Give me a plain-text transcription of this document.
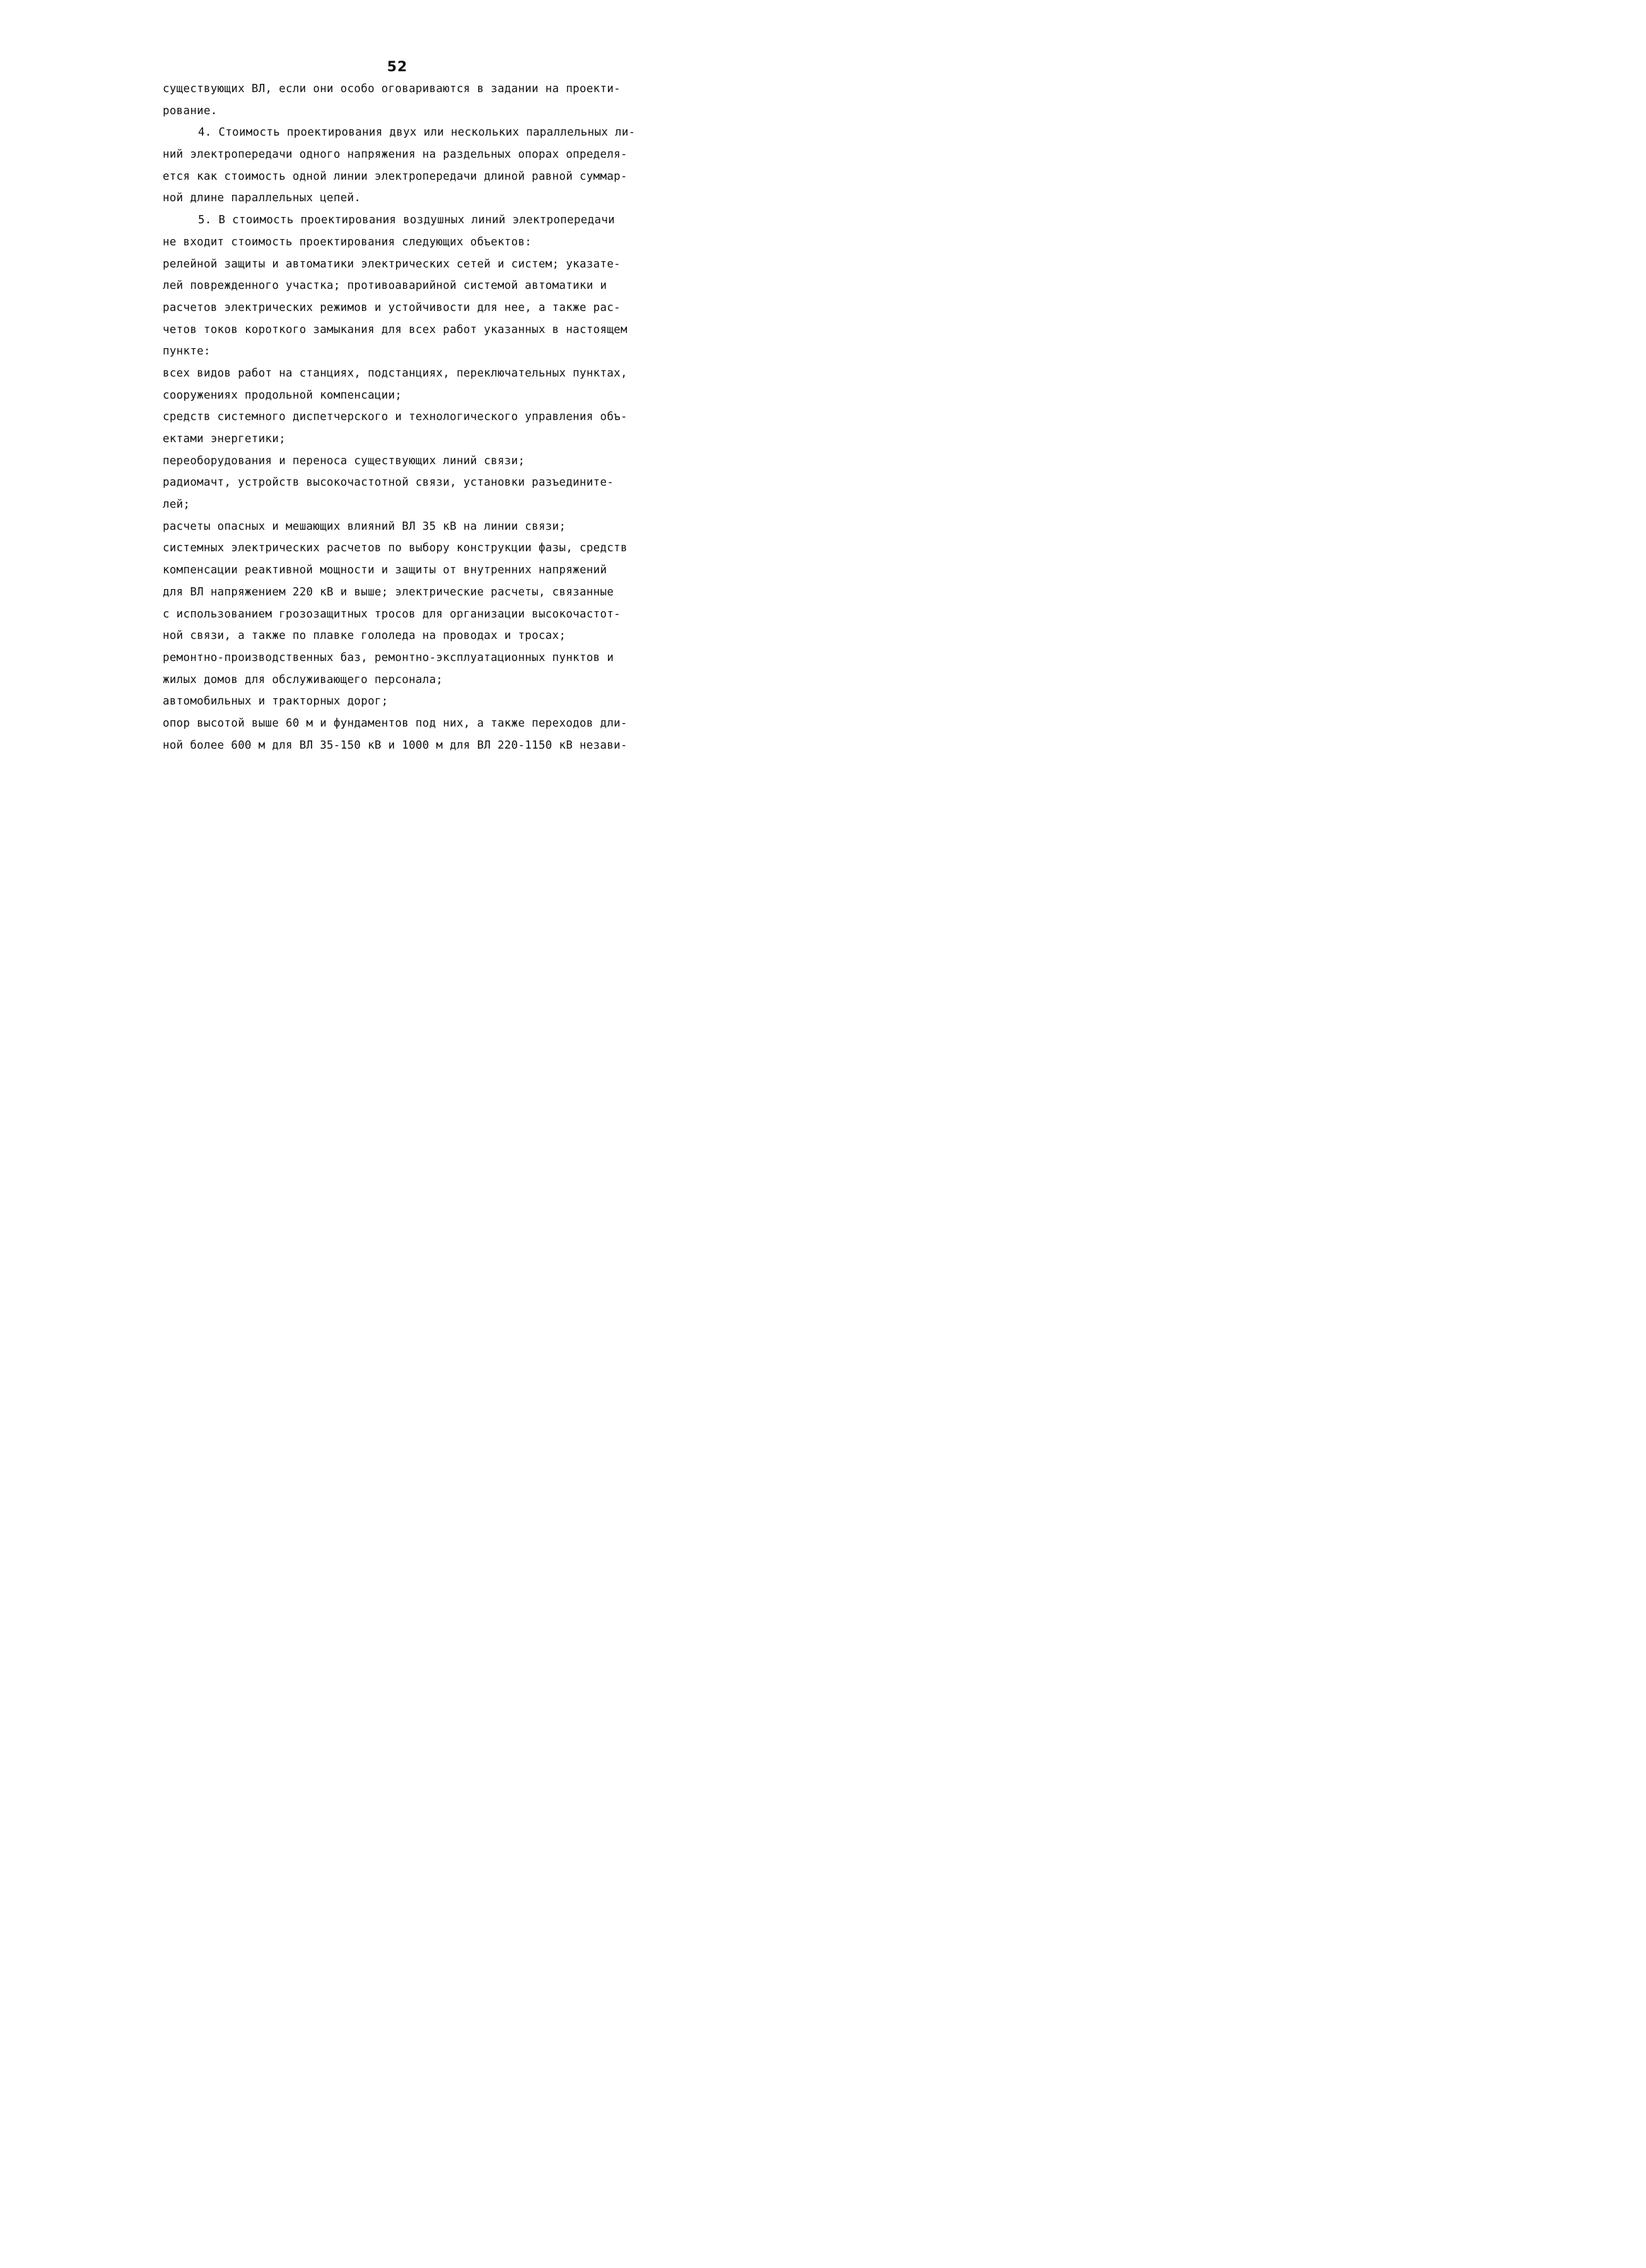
52
существующих ВЛ, если они особо оговариваются в задании на проекти-
рование.
4. Стоимость проектирования двух или нескольких параллельных ли-
ний электропередачи одного напряжения на раздельных опорах определя-
ется как стоимость одной линии электропередачи длиной равной суммар-
ной длине параллельных цепей.
5. В стоимость проектирования воздушных линий электропередачи
не входит стоимость проектирования следующих объектов:
релейной защиты и автоматики электрических сетей и систем; указате-
лей поврежденного участка; противоаварийной системой автоматики и
расчетов электрических режимов и устойчивости для нее, а также рас-
четов токов короткого замыкания для всех работ указанных в настоящем
пункте:
всех видов работ на станциях, подстанциях, переключательных пунктах,
сооружениях продольной компенсации;
средств системного диспетчерского и технологического управления объ-
ектами энергетики;
переоборудования и переноса существующих линий связи;
радиомачт, устройств высокочастотной связи, установки разъедините-
лей;
расчеты опасных и мешающих влияний ВЛ 35 кВ на линии связи;
системных электрических расчетов по выбору конструкции фазы, средств
компенсации реактивной мощности и защиты от внутренних напряжений
для ВЛ напряжением 220 кВ и выше; электрические расчеты, связанные
с использованием грозозащитных тросов для организации высокочастот-
ной связи, а также по плавке гололеда на проводах и тросах;
ремонтно-производственных баз, ремонтно-эксплуатационных пунктов и
жилых домов для обслуживающего персонала;
автомобильных и тракторных дорог;
опор высотой выше 60 м и фундаментов под них, а также переходов дли-
ной более 600 м для ВЛ 35-150 кВ и 1000 м для ВЛ 220-1150 кВ незави-
